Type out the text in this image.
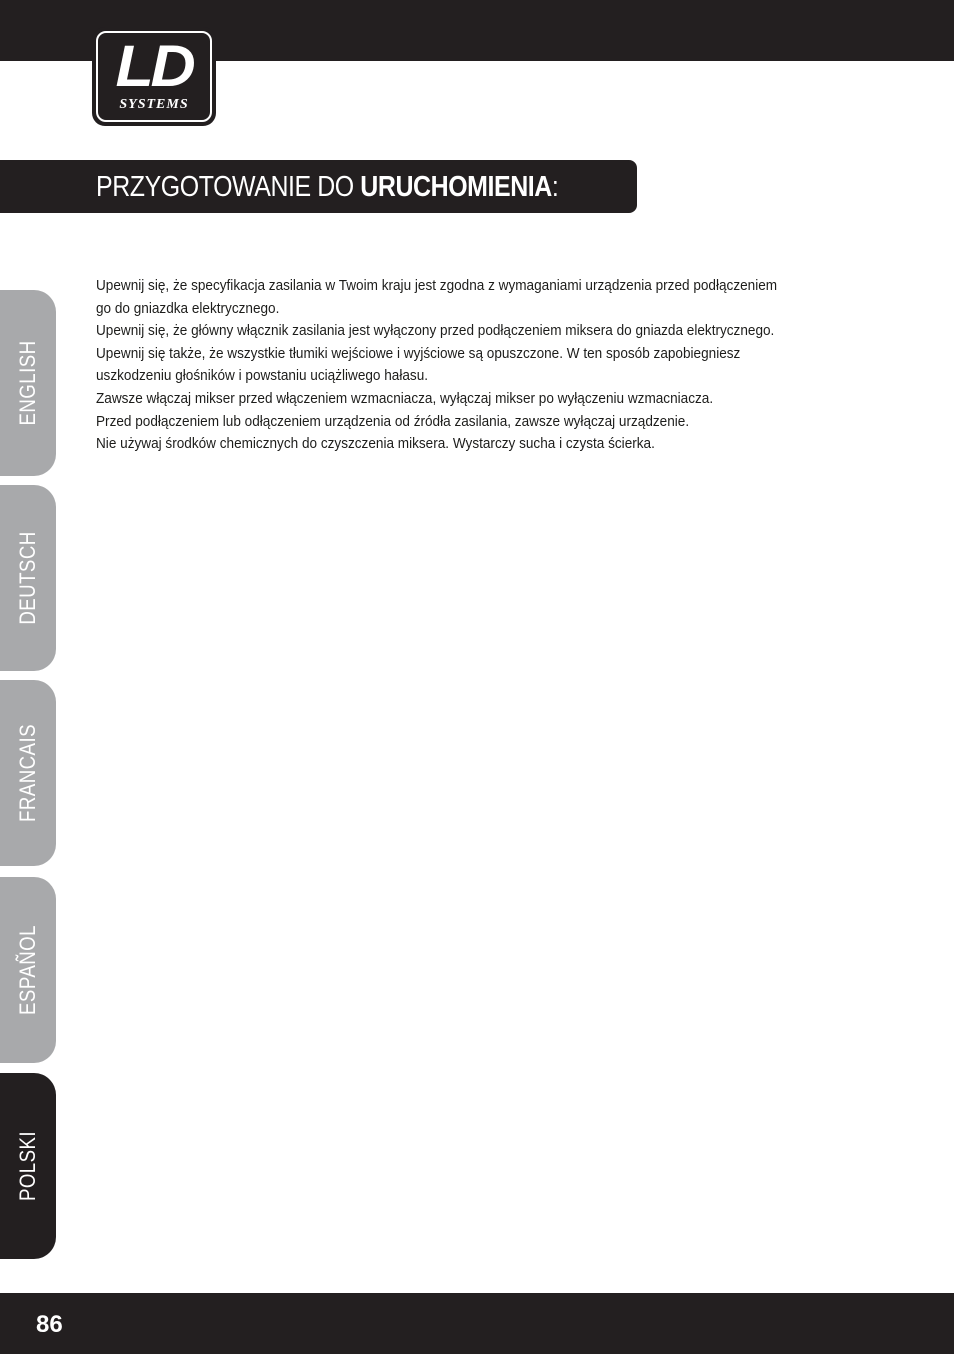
LD
SYSTEMS
PRZYGOTOWANIE DO URUCHOMIENIA:

Upewnij się, że specyfikacja zasilania w Twoim kraju jest zgodna z wymaganiami urządzenia przed podłączeniem

go do gniazdka elektrycznego.

Upewnij się, że główny włącznik zasilania jest wyłączony przed podłączeniem miksera do gniazda elektrycznego.

Upewnij się także, że wszystkie tłumiki wejściowe i wyjściowe są opuszczone. W ten sposób zapobiegniesz

uszkodzeniu głośników i powstaniu uciążliwego hałasu.

Zawsze włączaj mikser przed włączeniem wzmacniacza, wyłączaj mikser po wyłączeniu wzmacniacza.

Przed podłączeniem lub odłączeniem urządzenia od źródła zasilania, zawsze wyłączaj urządzenie.

Nie używaj środków chemicznych do czyszczenia miksera. Wystarczy sucha i czysta ścierka.

ENGLISH
DEUTSCH
FRANCAIS
ESPAÑOL
POLSKI
86
